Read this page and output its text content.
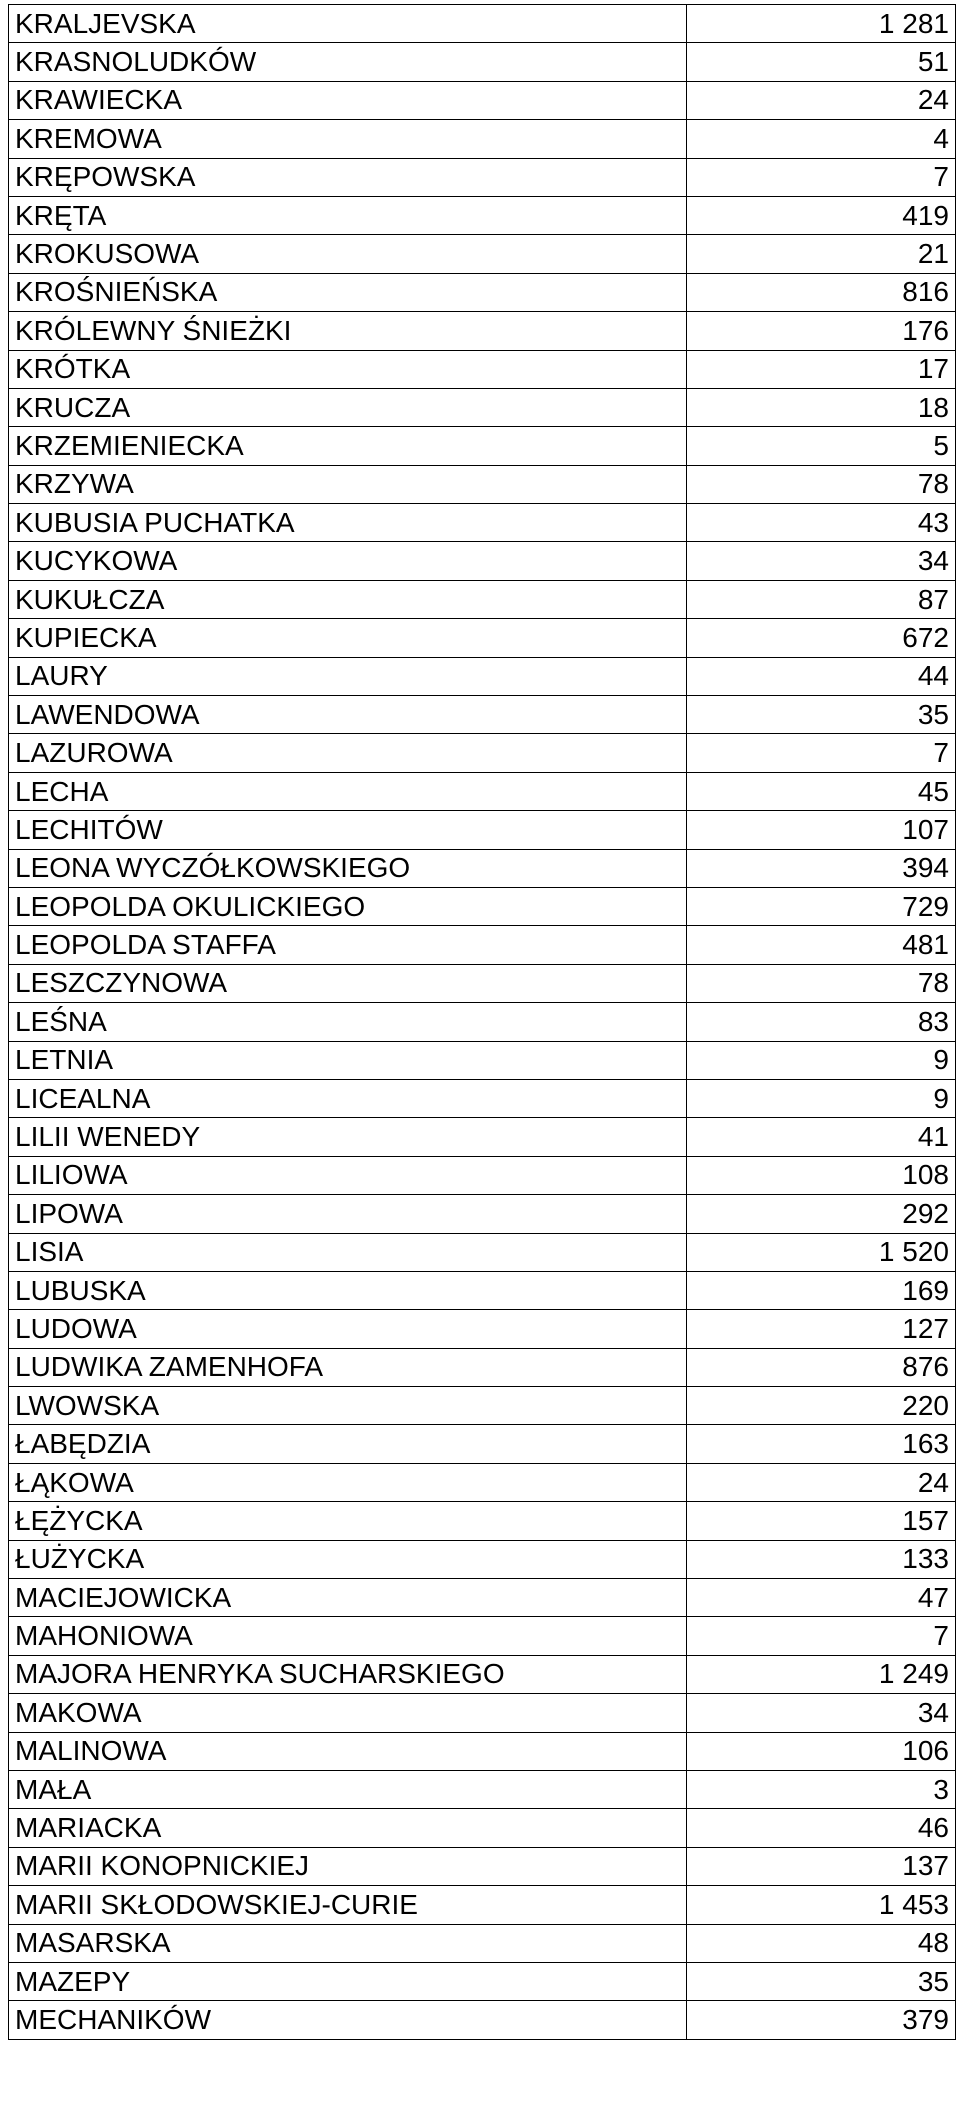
KRALJEVSKA	1 281
KRASNOLUDKÓW	51
KRAWIECKA	24
KREMOWA	4
KRĘPOWSKA	7
KRĘTA	419
KROKUSOWA	21
KROŚNIEŃSKA	816
KRÓLEWNY ŚNIEŻKI	176
KRÓTKA	17
KRUCZA	18
KRZEMIENIECKA	5
KRZYWA	78
KUBUSIA PUCHATKA	43
KUCYKOWA	34
KUKUŁCZA	87
KUPIECKA	672
LAURY	44
LAWENDOWA	35
LAZUROWA	7
LECHA	45
LECHITÓW	107
LEONA WYCZÓŁKOWSKIEGO	394
LEOPOLDA OKULICKIEGO	729
LEOPOLDA STAFFA	481
LESZCZYNOWA	78
LEŚNA	83
LETNIA	9
LICEALNA	9
LILII WENEDY	41
LILIOWA	108
LIPOWA	292
LISIA	1 520
LUBUSKA	169
LUDOWA	127
LUDWIKA ZAMENHOFA	876
LWOWSKA	220
ŁABĘDZIA	163
ŁĄKOWA	24
ŁĘŻYCKA	157
ŁUŻYCKA	133
MACIEJOWICKA	47
MAHONIOWA	7
MAJORA HENRYKA SUCHARSKIEGO	1 249
MAKOWA	34
MALINOWA	106
MAŁA	3
MARIACKA	46
MARII KONOPNICKIEJ	137
MARII SKŁODOWSKIEJ-CURIE	1 453
MASARSKA	48
MAZEPY	35
MECHANIKÓW	379
